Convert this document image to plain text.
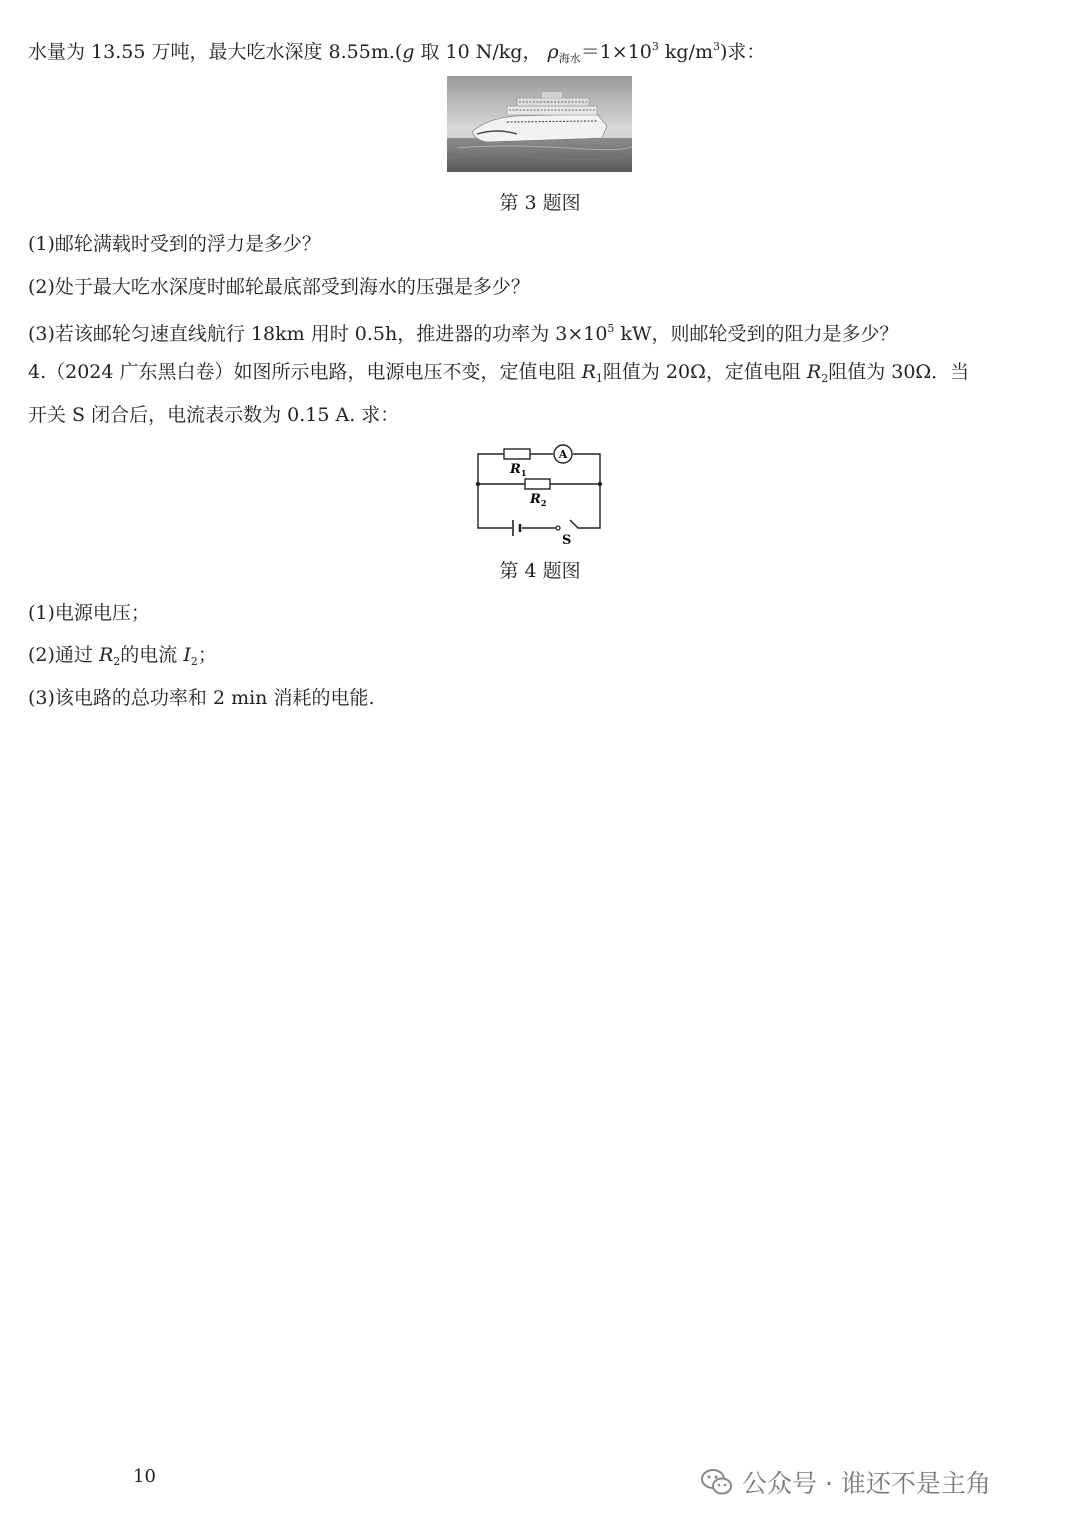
水量为 13.55 万吨，最大吃水深度 8.55m.(g 取 10 N/kg， $\rho_{海水}=1\times 10^3$ $kg/m^3$)求：
第 3 题图
(1)邮轮满载时受到的浮力是多少？
(2)处于最大吃水深度时邮轮最底部受到海水的压强是多少？
(3)若该邮轮匀速直线航行 18km 用时 0.5h，推进器的功率为 $3\times 10^5$ kW，则邮轮受到的阻力是多少？
4.（2024 广东黑白卷）如图所示电路，电源电压不变，定值电阻 $R_1$阻值为 20Ω，定值电阻 $R_2$阻值为 30Ω．当
开关 S 闭合后，电流表示数为 0.15 A. 求：
A
$R_1$
$R_2$
S
第 4 题图
(1)电源电压；
(2)通过 $R_2$的电流 $I_2$；
(3)该电路的总功率和 2 min 消耗的电能.
10	公众号 · 谁还不是主角
